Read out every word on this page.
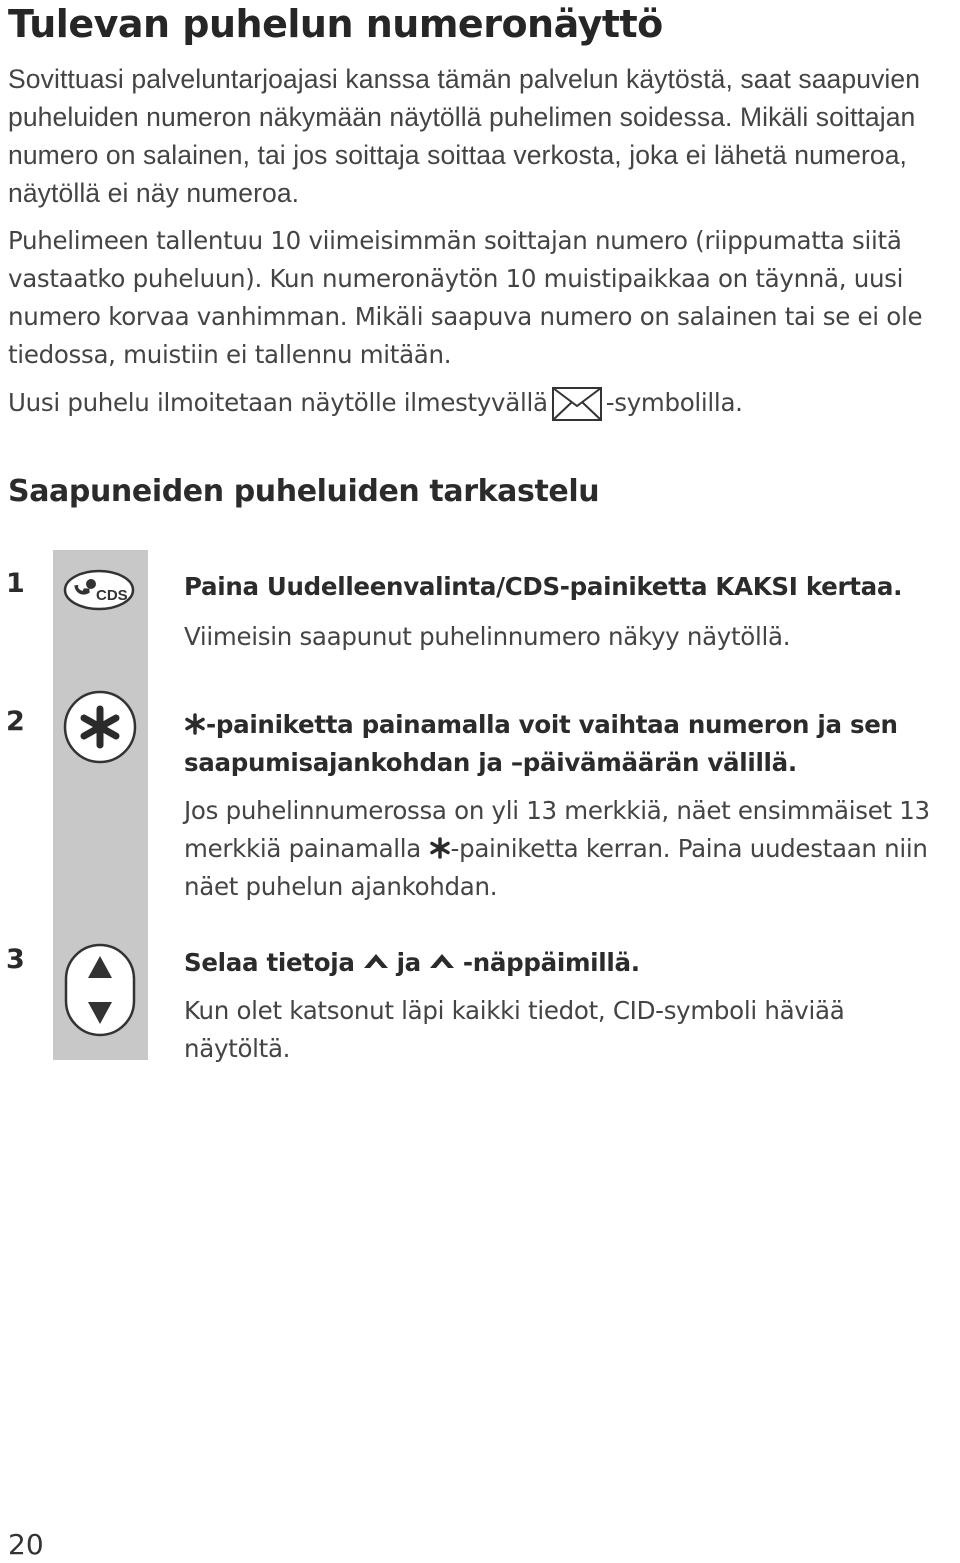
Tulevan puhelun numeronäyttö

Sovittuasi palveluntarjoajasi kanssa tämän palvelun käytöstä, saat saapuvien puheluiden numeron näkymään näytöllä puhelimen soidessa. Mikäli soittajan numero on salainen, tai jos soittaja soittaa verkosta, joka ei lähetä numeroa, näytöllä ei näy numeroa.

Puhelimeen tallentuu 10 viimeisimmän soittajan numero (riippumatta siitä vastaatko puheluun). Kun numeronäytön 10 muistipaikkaa on täynnä, uusi numero korvaa vanhimman. Mikäli saapuva numero on salainen tai se ei ole tiedossa, muistiin ei tallennu mitään.

Uusi puhelu ilmoitetaan näytölle ilmestyvällä -symbolilla.

Saapuneiden puheluiden tarkastelu
1	CDS Paina Uudelleenvalinta/CDS-painiketta KAKSI kertaa.

Viimeisin saapunut puhelinnumero näkyy näytöllä.

2	-painiketta painamalla voit vaihtaa numeron ja sen saapumisajankohdan ja –päivämäärän välillä.

Jos puhelinnumerossa on yli 13 merkkiä, näet ensimmäiset 13 merkkiä painamalla -painiketta kerran. Paina uudestaan niin näet puhelun ajankohdan.

3	Selaa tietoja ja -näppäimillä.

Kun olet katsonut läpi kaikki tiedot, CID-symboli häviää näytöltä.

20
